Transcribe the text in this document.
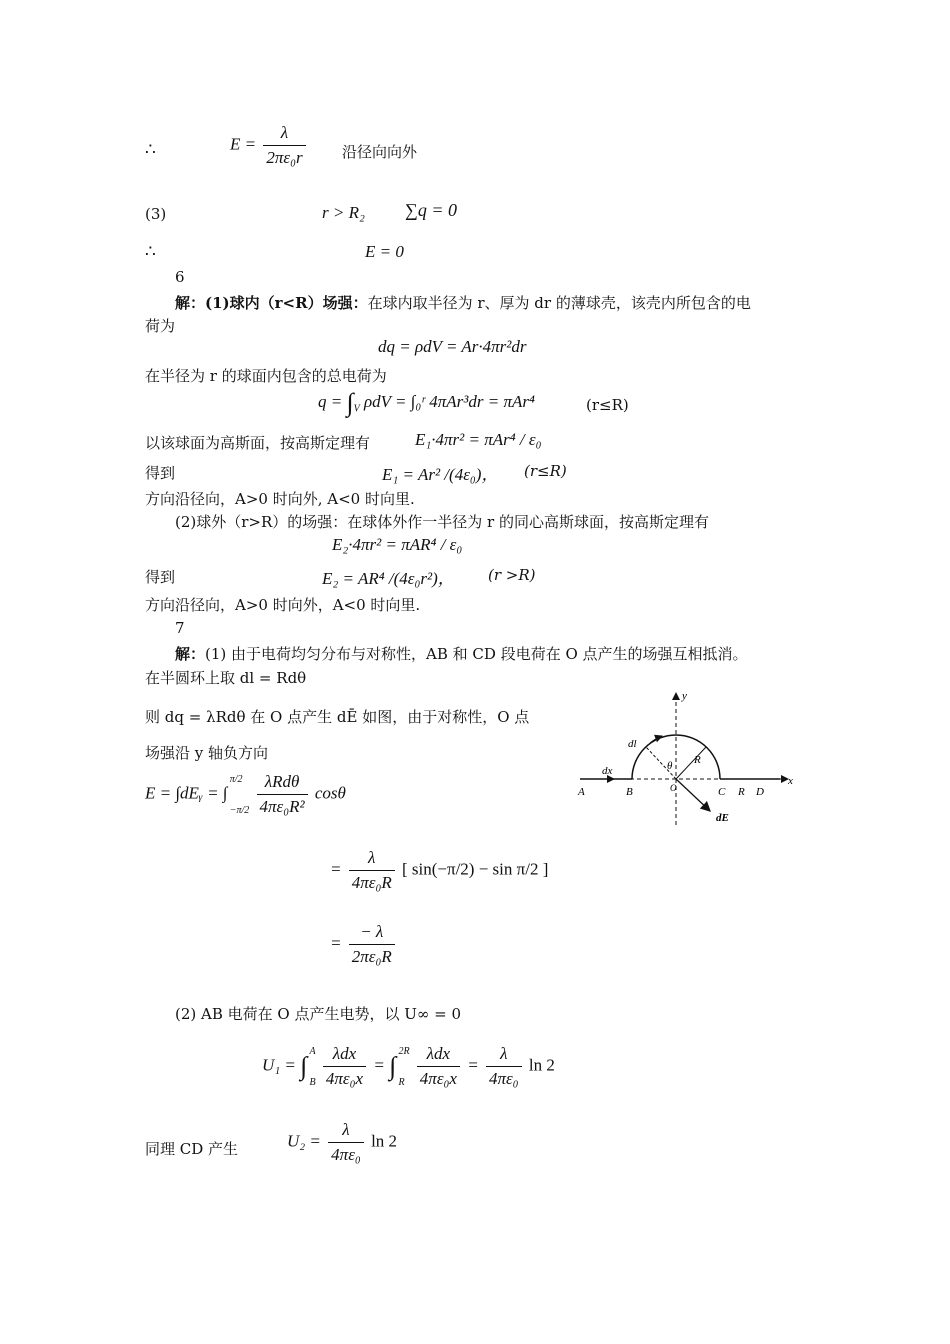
∴	$E = \frac{\lambda}{\text{2πε₀r}}$ 沿径向向外
(3)	r > R₂ ∑q = 0
∴	E = 0
6
解：(1)球内（r<R）场强：在球内取半径为 r、厚为 dr 的薄球壳，该壳内所包含的电
荷为
dq = ρdV = Ar·4πr²dr
在半径为 r 的球面内包含的总电荷为
$q = \int_V$ ρdV = ∫₀ʳ 4πAr³dr = πAr⁴	(r≤R)
以该球面为高斯面，按高斯定理有	E₁·4πr² = πAr⁴ / ε₀
得到	E₁ = Ar² /(4ε₀)， (r≤R)
方向沿径向，A>0 时向外, A<0 时向里.
(2)球外（r>R）的场强：在球体外作一半径为 r 的同心高斯球面，按高斯定理有
E₂·4πr² = πAR⁴ / ε₀
得到	E₂ = AR⁴ /(4ε₀r²)， (r >R)
方向沿径向，A>0 时向外，A<0 时向里.
7
解：(1) 由于电荷均匀分布与对称性，AB 和 CD 段电荷在 O 点产生的场强互相抵消。
在半圆环上取 dl = Rdθ
则 dq = λRdθ 在 O 点产生 dĒ 如图，由于对称性，O 点
场强沿 y 轴负方向
E = ∫dEᵧ = ∫
π/2
−π/2
$\frac{\text{λRdθ}}{\text{4πε₀R²}}$ cosθ
= $\frac{\lambda}{\text{4πε₀R}}$ [ sin(−π/2) − sin π/2 ]
= $\frac{- \lambda}{\text{2πε₀R}}$
(2) AB 电荷在 O 点产生电势，以 U∞ = 0
U₁ = ∫
A
B
$\frac{\text{λdx}}{\text{4πε₀x}}$ = ∫
2R
R
$\frac{\text{λdx}}{\text{4πε₀x}} = \frac{\lambda}{\text{4πε₀}}$ ln 2
同理 CD 产生	$U_2 = \frac{\lambda}{\text{4πε₀}}$ ln 2
y
x
dl
dx	θ R
A	B	O	C R D
dE
